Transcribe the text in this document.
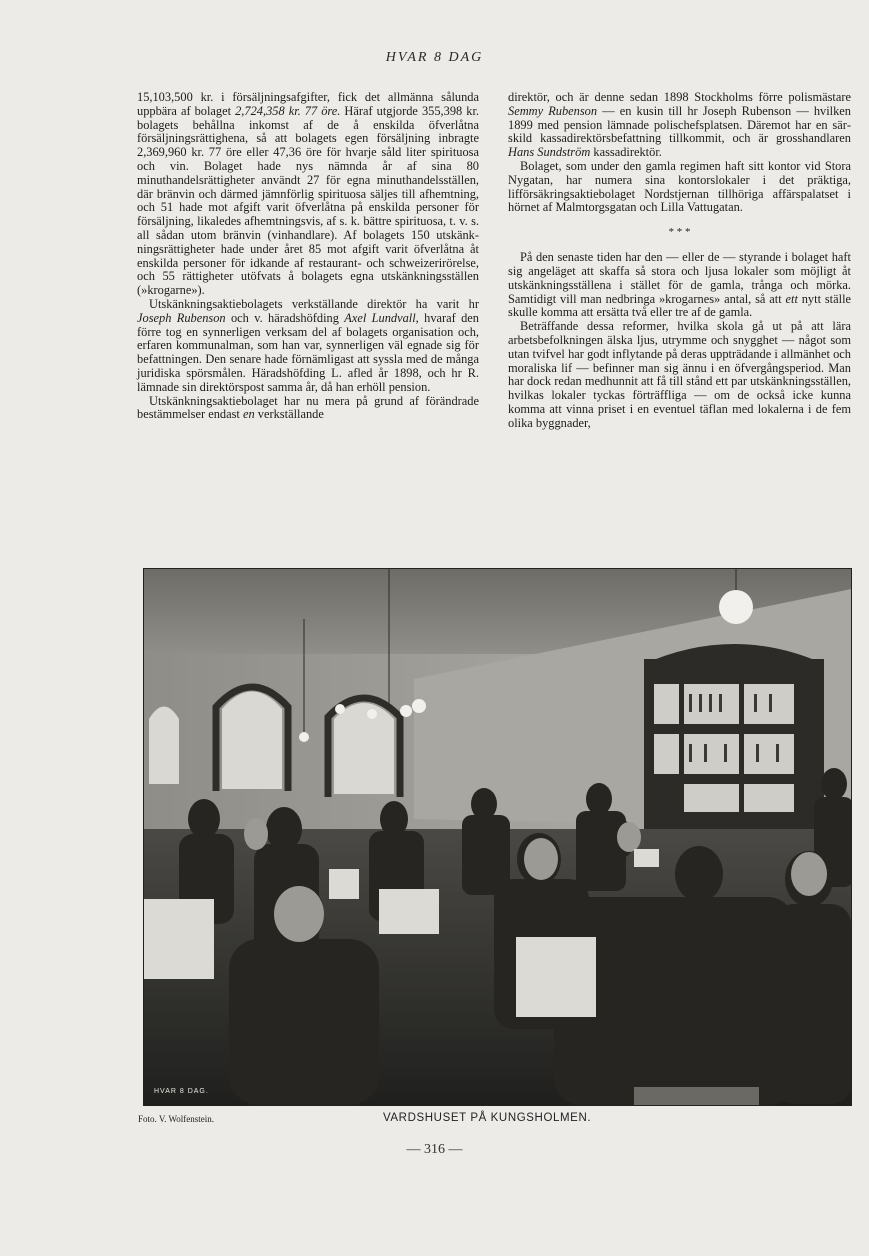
HVAR 8 DAG

15,103,500 kr. i försäljningsafgifter, fick det allmänna sålunda uppbära af bolaget 2,724,358 kr. 77 öre. Häraf utgjorde 355,398 kr. bolagets behållna inkomst af de å enskilda öfverlåtna försäljningsrättighena, så att bolagets egen försäljning inbragte 2,369,960 kr. 77 öre eller 47,36 öre för hvarje såld liter spirituosa och vin. Bolaget hade nys nämnda år af sina 80 minuthandelsrättigheter användt 27 för egna minuthandelsställen, där bränvin och därmed jämnförlig spirituosa säljes till afhemtning, och 51 hade mot afgift varit öfverlåtna på enskilda personer för försäljning, likaledes afhemtningsvis, af s. k. bättre spirituosa, t. v. s. all sådan utom bränvin (vinhandlare). Af bolagets 150 utskänkningsrättigheter hade under året 85 mot afgift varit öfverlåtna åt enskilda personer för idkande af restaurant- och schweizerirörelse, och 55 rättigheter utöfvats å bolagets egna utskänkningsställen (»krogarne»).

Utskänkningsaktiebolagets verkställande direktör ha varit hr Joseph Rubenson och v. häradshöfding Axel Lundvall, hvaraf den förre tog en synnerligen verksam del af bolagets organisation och, erfaren kommunalman, som han var, synnerligen väl egnade sig för befattningen. Den senare hade förnämligast att syssla med de många juridiska spörsmålen. Häradshöfding L. afled år 1898, och hr R. lämnade sin direktörspost samma år, då han erhöll pension.

Utskänkningsaktiebolaget har nu mera på grund af förändrade bestämmelser endast en verkställande

direktör, och är denne sedan 1898 Stockholms förre polismästare Semmy Rubenson — en kusin till hr Joseph Rubenson — hvilken 1899 med pension lämnade polischefsplatsen. Däremot har en särskild kassadirektörsbefattning tillkommit, och är grosshandlaren Hans Sundström kassadirektör.

Bolaget, som under den gamla regimen haft sitt kontor vid Stora Nygatan, har numera sina kontorslokaler i det präktiga, lifförsäkringsaktiebolaget Nordstjernan tillhöriga affärspalatset i hörnet af Malmtorgsgatan och Lilla Vattugatan.

* * *

På den senaste tiden har den — eller de — styrande i bolaget haft sig angeläget att skaffa så stora och ljusa lokaler som möjligt åt utskänkningsställena i stället för de gamla, trånga och mörka. Samtidigt vill man nedbringa »krogarnes» antal, så att ett nytt ställe skulle komma att ersätta två eller tre af de gamla.

Beträffande dessa reformer, hvilka skola gå ut på att lära arbetsbefolkningen älska ljus, utrymme och snygghet — något som utan tvifvel har godt inflytande på deras uppträdande i allmänhet och moraliska lif — befinner man sig ännu i en öfvergångsperiod. Man har dock redan medhunnit att få till stånd ett par utskänkningsställen, hvilkas lokaler tyckas förträffliga — om de också icke kunna komma att vinna priset i en eventuel täflan med lokalerna i de fem olika byggnader,

HVAR 8 DAG.
Foto. V. Wolfenstein.	VARDSHUSET PÅ KUNGSHOLMEN.
— 316 —
